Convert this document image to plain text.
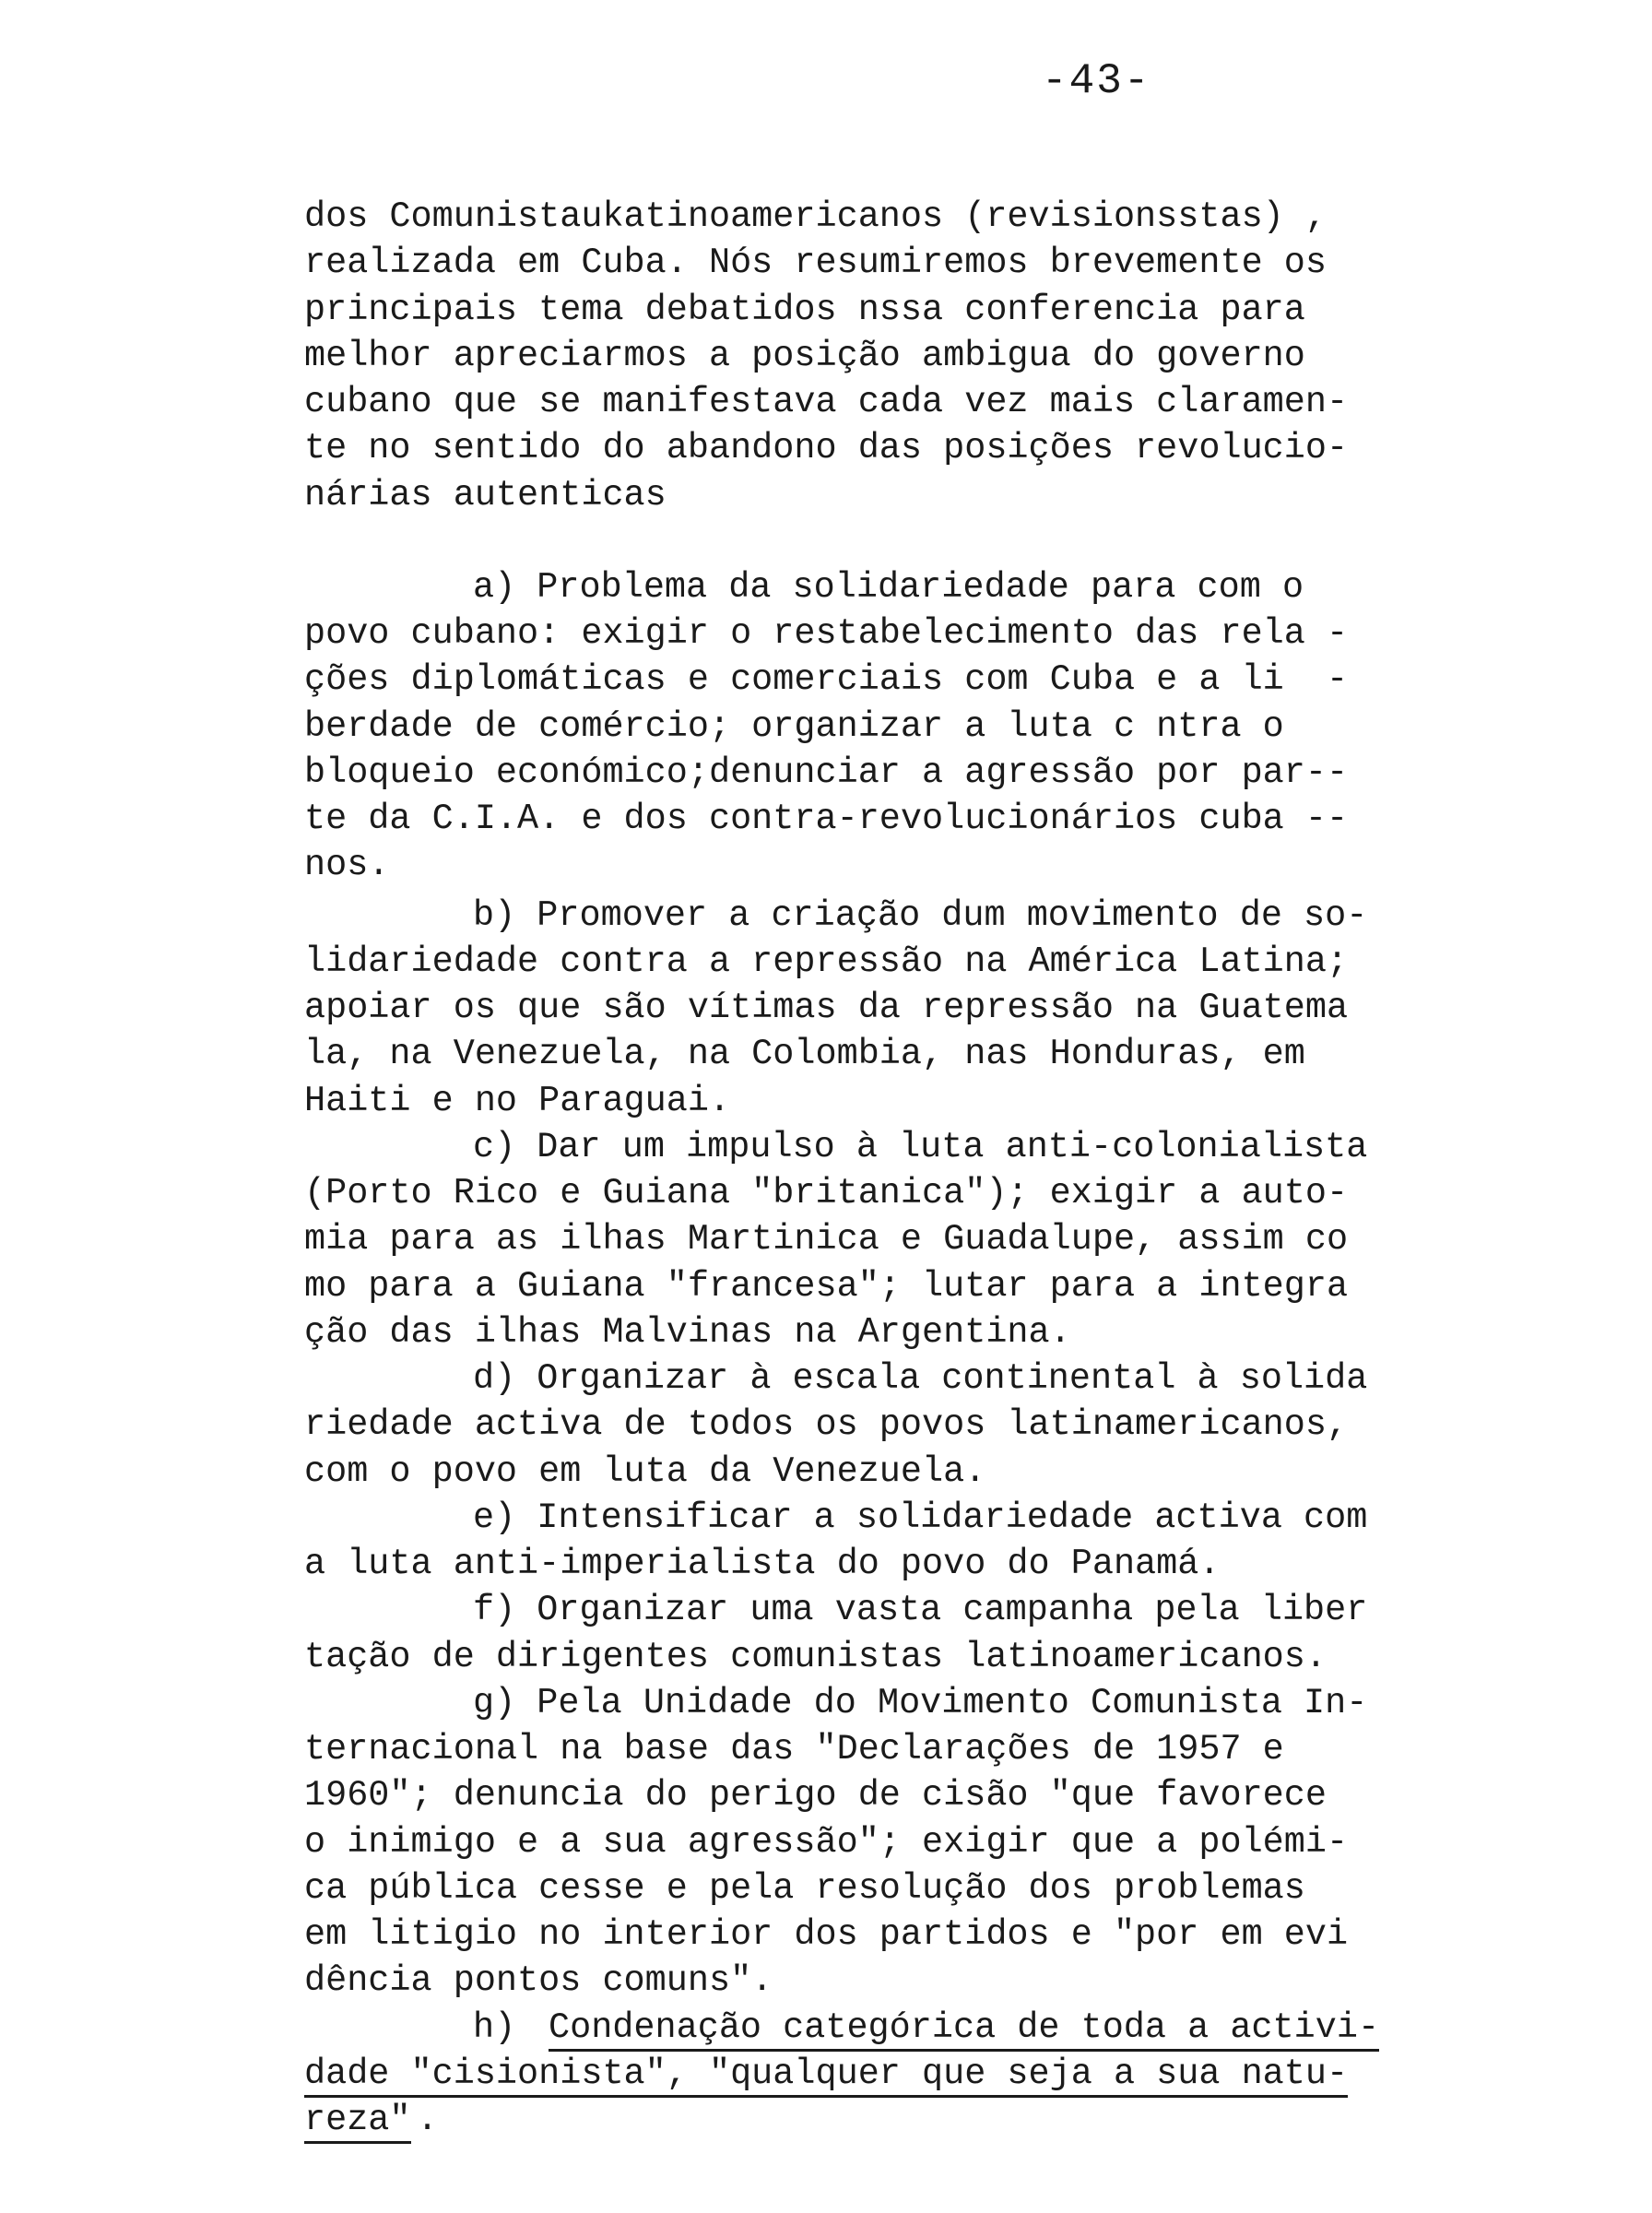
-43-
dos Comunistaukatinoamericanos (revisionsstas) ,
realizada em Cuba. Nós resumiremos brevemente os
principais tema debatidos nssa conferencia para
melhor apreciarmos a posição ambigua do governo
cubano que se manifestava cada vez mais claramen-
te no sentido do abandono das posições revolucio-
nárias autenticas
a) Problema da solidariedade para com o
povo cubano: exigir o restabelecimento das rela -
ções diplomáticas e comerciais com Cuba e a li  -
berdade de comércio; organizar a luta c ntra o
bloqueio económico;denunciar a agressão por par--
te da C.I.A. e dos contra-revolucionários cuba --
nos.
b) Promover a criação dum movimento de so-
lidariedade contra a repressão na América Latina;
apoiar os que são vítimas da repressão na Guatema
la, na Venezuela, na Colombia, nas Honduras, em
Haiti e no Paraguai.
c) Dar um impulso à luta anti-colonialista
(Porto Rico e Guiana "britanica"); exigir a auto-
mia para as ilhas Martinica e Guadalupe, assim co
mo para a Guiana "francesa"; lutar para a integra
ção das ilhas Malvinas na Argentina.
d) Organizar à escala continental à solida
riedade activa de todos os povos latinamericanos,
com o povo em luta da Venezuela.
e) Intensificar a solidariedade activa com
a luta anti-imperialista do povo do Panamá.
f) Organizar uma vasta campanha pela liber
tação de dirigentes comunistas latinoamericanos.
g) Pela Unidade do Movimento Comunista In-
ternacional na base das "Declarações de 1957 e
1960"; denuncia do perigo de cisão "que favorece
o inimigo e a sua agressão"; exigir que a polémi-
ca pública cesse e pela resolução dos problemas
em litigio no interior dos partidos e "por em evi
dência pontos comuns".
h) Condenação categórica de toda a activi-
dade "cisionista", "qualquer que seja a sua natu-
reza" .
